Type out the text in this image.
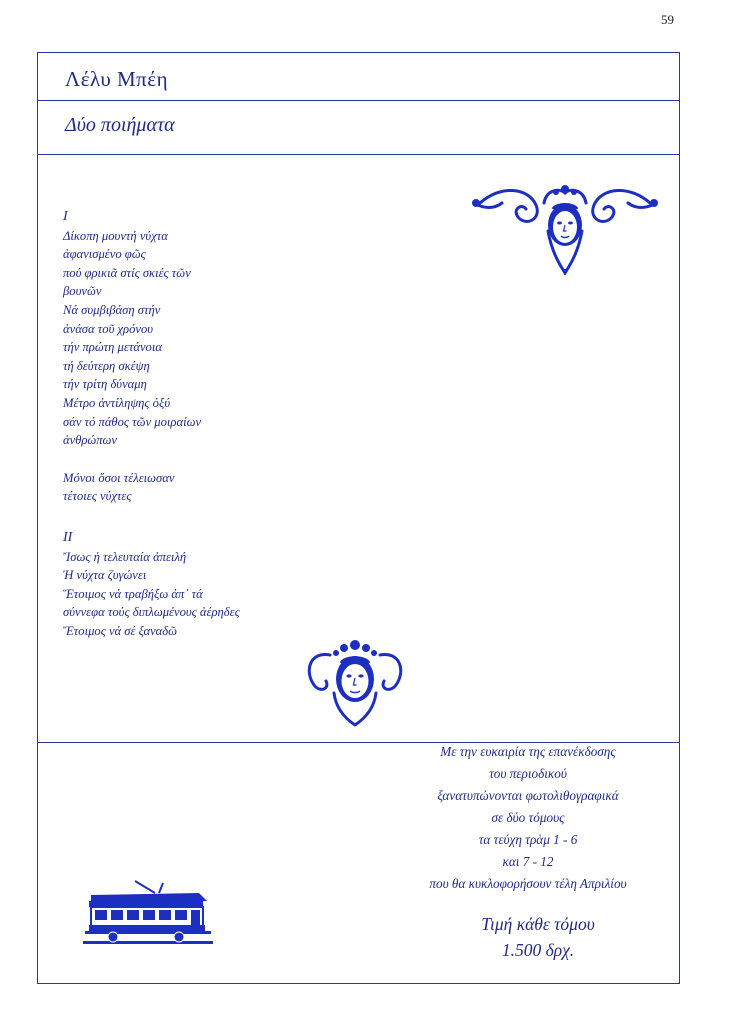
59
Λέλυ Μπέη
Δύο ποιήματα
I
Δίκοπη μουντή νύχτα
ἀφανισμένο φῶς
πού φρικιᾶ στίς σκιές τῶν
βουνῶν
Νά συμβιβάση στήν
ἀνάσα τοῦ χρόνου
τήν πρώτη μετάνοια
τή δεύτερη σκέψη
τήν τρίτη δύναμη
Μέτρο ἀντίληψης ὀξύ
σάν τό πάθος τῶν μοιραίων
ἀνθρώπων
Μόνοι ὅσοι τέλειωσαν
τέτοιες νύχτες
II
Ἴσως ἡ τελευταία ἀπειλή
Ἡ νύχτα ζυγώνει
Ἕτοιμος νά τραβήξω ἀπ᾽ τά
σύννεφα τούς διπλωμένους ἀέρηδες
Ἕτοιμος νά σέ ξαναδῶ
Με την ευκαιρία της επανέκδοσης
του περιοδικού
ξανατυπώνονται φωτολιθογραφικά
σε δύο τόμους
τα τεύχη τρὰμ 1 - 6
και 7 - 12
που θα κυκλοφορήσουν τέλη Απριλίου
Τιμή κάθε τόμου
1.500 δρχ.
